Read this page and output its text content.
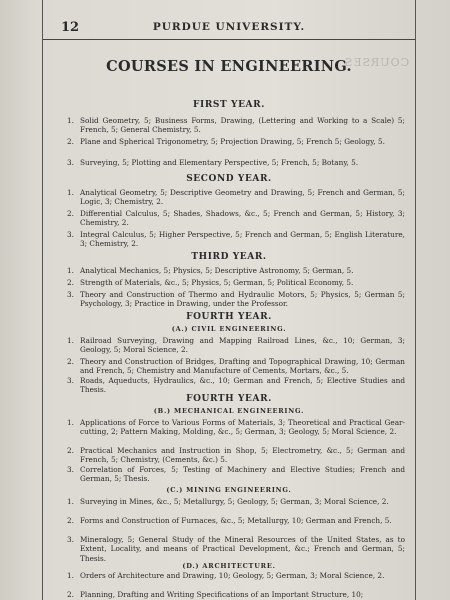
COURSES
12	PURDUE UNIVERSITY.
COURSES IN ENGINEERING.
FIRST YEAR.
1. Solid Geometry, 5; Business Forms, Drawing, (Lettering and Working to a Scale) 5; French, 5; General Chemistry, 5.
2. Plane and Spherical Trigonometry, 5; Projection Drawing, 5; French 5; Geology, 5.
3. Surveying, 5; Plotting and Elementary Perspective, 5; French, 5; Botany, 5.
SECOND YEAR.
1. Analytical Geometry, 5; Descriptive Geometry and Drawing, 5; French and German, 5; Logic, 3; Chemistry, 2.
2. Differential Calculus, 5; Shades, Shadows, &c., 5; French and German, 5; History, 3; Chemistry, 2.
3. Integral Calculus, 5; Higher Perspective, 5; French and German, 5; English Literature, 3; Chemistry, 2.
THIRD YEAR.
1. Analytical Mechanics, 5; Physics, 5; Descriptive Astronomy, 5; German, 5.
2. Strength of Materials, &c., 5; Physics, 5; German, 5; Political Economy, 5.
3. Theory and Construction of Thermo and Hydraulic Motors, 5; Physics, 5; German 5; Psychology, 3; Practice in Drawing, under the Professor.
FOURTH YEAR.
(A.) CIVIL ENGINEERING.
1. Railroad Surveying, Drawing and Mapping Railroad Lines, &c., 10; German, 3; Geology, 5; Moral Science, 2.
2. Theory and Construction of Bridges, Drafting and Topographical Drawing, 10; German and French, 5; Chemistry and Manufacture of Cements, Mortars, &c., 5.
3. Roads, Aqueducts, Hydraulics, &c., 10; German and French, 5; Elective Studies and Thesis.
FOURTH YEAR.
(B.) MECHANICAL ENGINEERING.
1. Applications of Force to Various Forms of Materials, 3; Theoretical and Practical Gear-cutting, 2; Pattern Making, Molding, &c., 5; German, 3; Geology, 5; Moral Science, 2.
2. Practical Mechanics and Instruction in Shop, 5; Electrometry, &c., 5; German and French, 5; Chemistry, (Cements, &c.) 5.
3. Correlation of Forces, 5; Testing of Machinery and Elective Studies; French and German, 5; Thesis.
(C.) MINING ENGINEERING.
1. Surveying in Mines, &c., 5; Metallurgy, 5; Geology, 5; German, 3; Moral Science, 2.
2. Forms and Construction of Furnaces, &c., 5; Metallurgy, 10; German and French, 5.
3. Mineralogy, 5; General Study of the Mineral Resources of the United States, as to Extent, Locality, and means of Practical Development, &c.; French and German, 5; Thesis.
(D.) ARCHITECTURE.
1. Orders of Architecture and Drawing, 10; Geology, 5; German, 3; Moral Science, 2.
2. Planning, Drafting and Writing Specifications of an Important Structure, 10;
